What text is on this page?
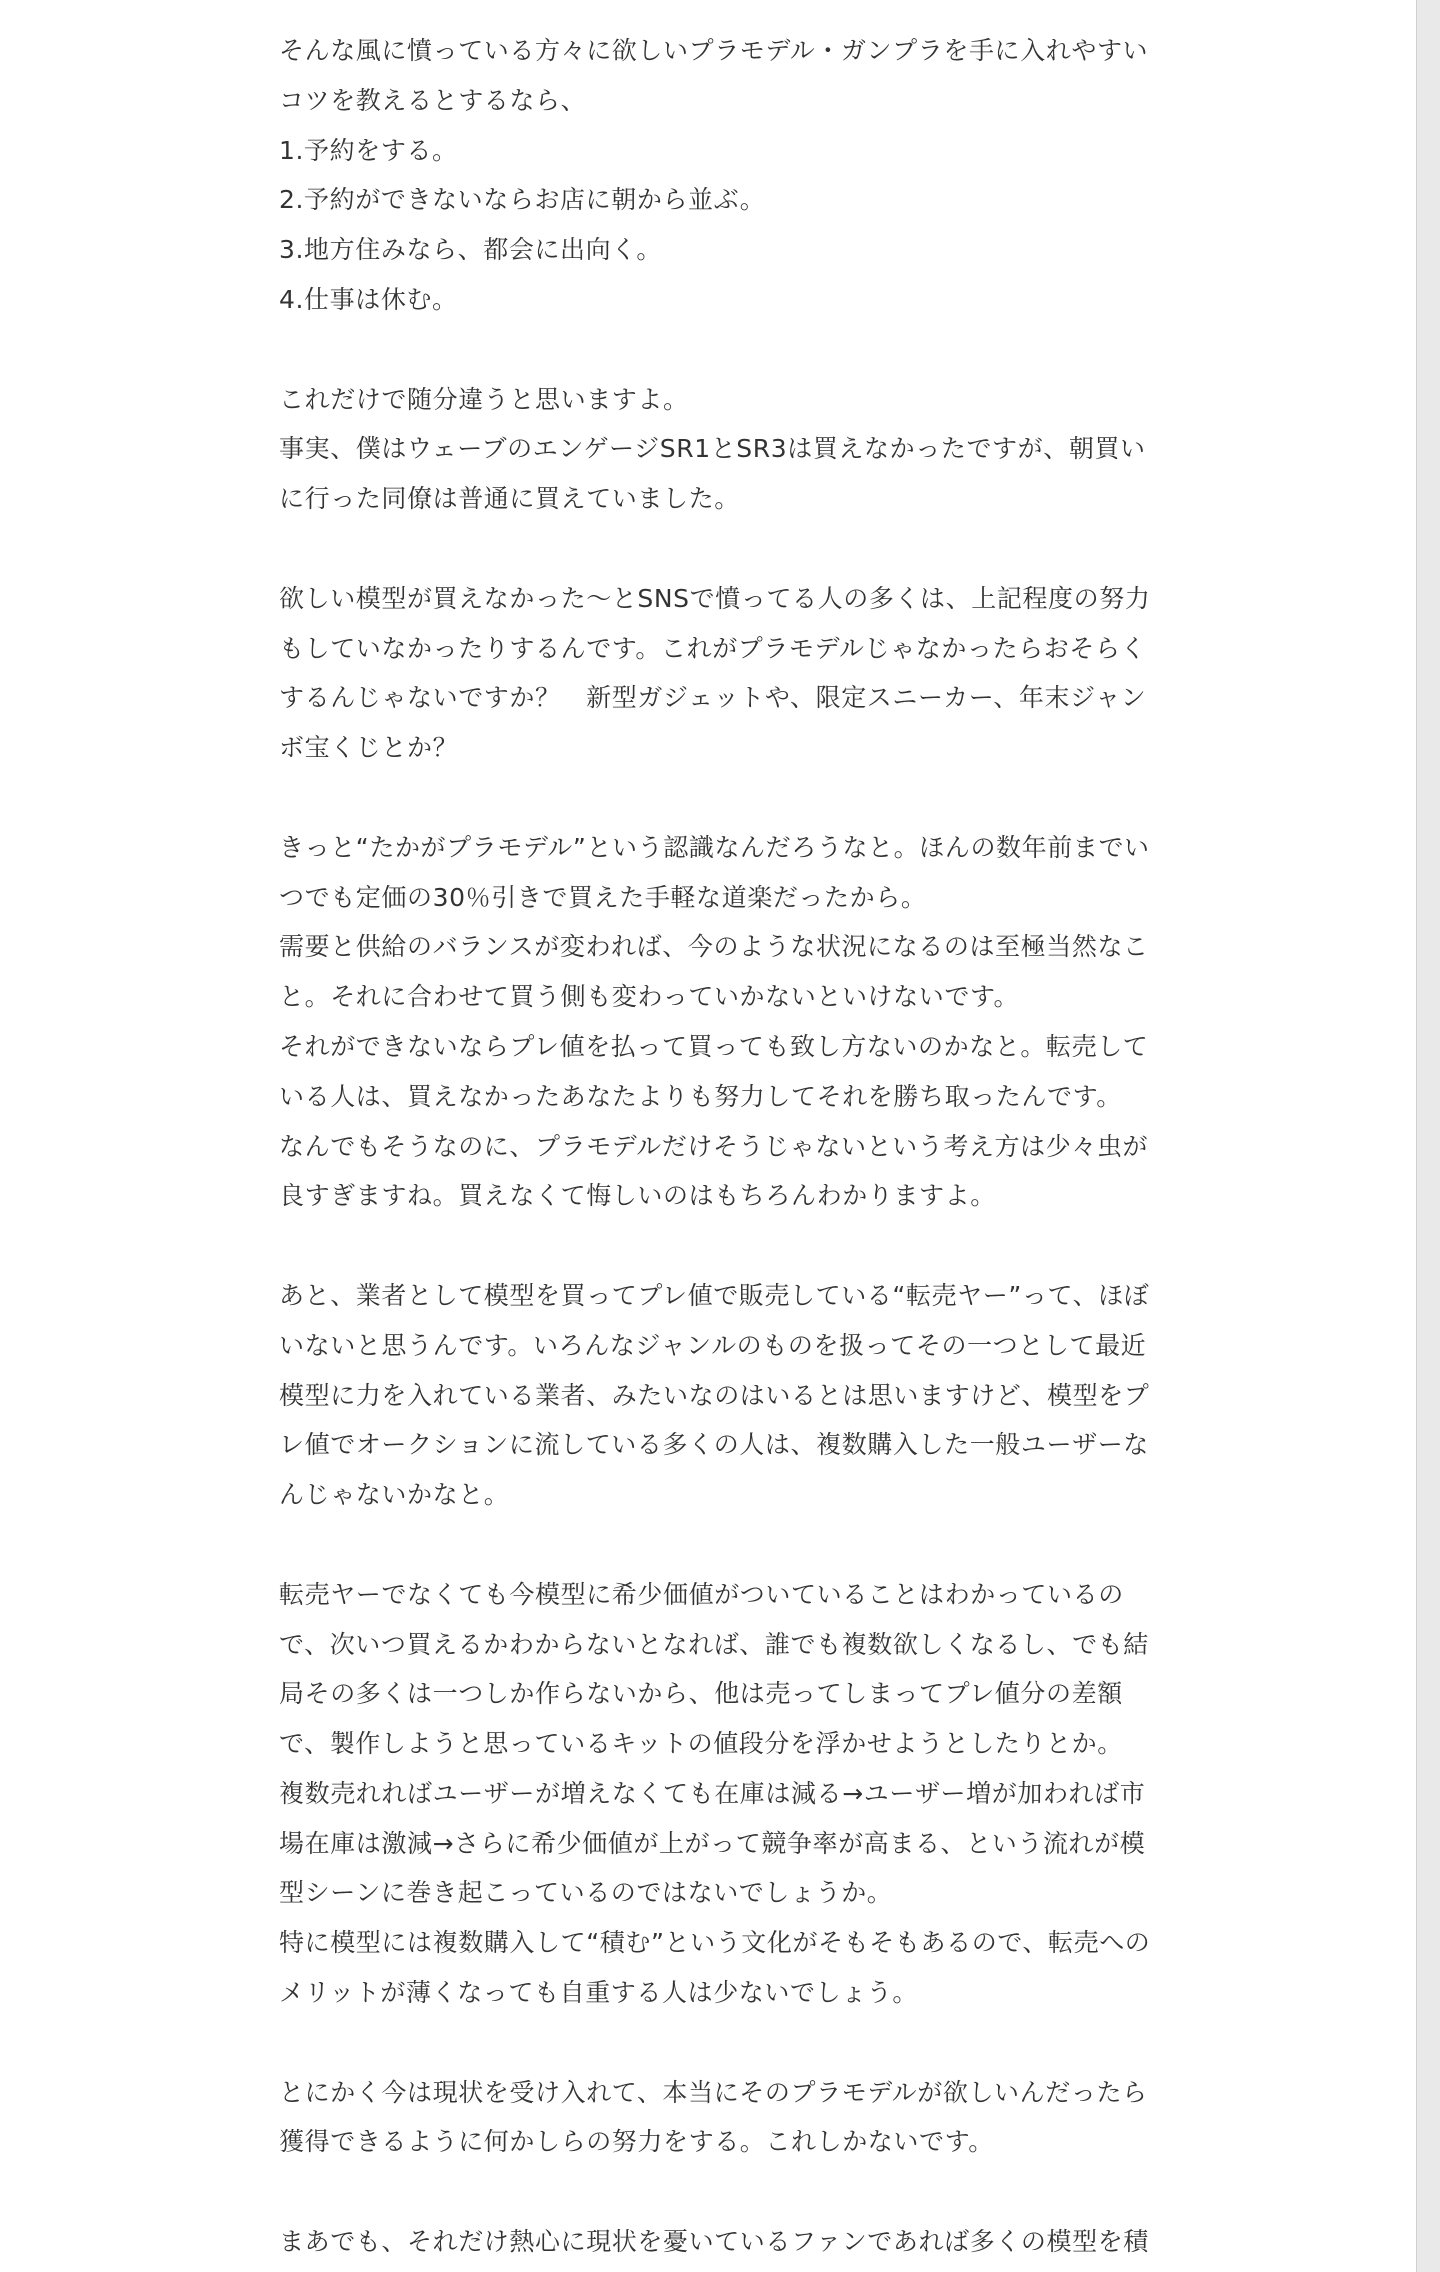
そんな風に憤っている方々に欲しいプラモデル・ガンプラを手に入れやすい
コツを教えるとするなら、
1.予約をする。
2.予約ができないならお店に朝から並ぶ。
3.地方住みなら、都会に出向く。
4.仕事は休む。
これだけで随分違うと思いますよ。
事実、僕はウェーブのエンゲージSR1とSR3は買えなかったですが、朝買い
に行った同僚は普通に買えていました。
欲しい模型が買えなかった〜とSNSで憤ってる人の多くは、上記程度の努力
もしていなかったりするんです。これがプラモデルじゃなかったらおそらく
するんじゃないですか？　新型ガジェットや、限定スニーカー、年末ジャン
ボ宝くじとか？
きっと“たかがプラモデル”という認識なんだろうなと。ほんの数年前までい
つでも定価の30％引きで買えた手軽な道楽だったから。
需要と供給のバランスが変われば、今のような状況になるのは至極当然なこ
と。それに合わせて買う側も変わっていかないといけないです。
それができないならプレ値を払って買っても致し方ないのかなと。転売して
いる人は、買えなかったあなたよりも努力してそれを勝ち取ったんです。
なんでもそうなのに、プラモデルだけそうじゃないという考え方は少々虫が
良すぎますね。買えなくて悔しいのはもちろんわかりますよ。
あと、業者として模型を買ってプレ値で販売している“転売ヤー”って、ほぼ
いないと思うんです。いろんなジャンルのものを扱ってその一つとして最近
模型に力を入れている業者、みたいなのはいるとは思いますけど、模型をプ
レ値でオークションに流している多くの人は、複数購入した一般ユーザーな
んじゃないかなと。
転売ヤーでなくても今模型に希少価値がついていることはわかっているの
で、次いつ買えるかわからないとなれば、誰でも複数欲しくなるし、でも結
局その多くは一つしか作らないから、他は売ってしまってプレ値分の差額
で、製作しようと思っているキットの値段分を浮かせようとしたりとか。
複数売れればユーザーが増えなくても在庫は減る→ユーザー増が加われば市
場在庫は激減→さらに希少価値が上がって競争率が高まる、という流れが模
型シーンに巻き起こっているのではないでしょうか。
特に模型には複数購入して“積む”という文化がそもそもあるので、転売への
メリットが薄くなっても自重する人は少ないでしょう。
とにかく今は現状を受け入れて、本当にそのプラモデルが欲しいんだったら
獲得できるように何かしらの努力をする。これしかないです。
まあでも、それだけ熱心に現状を憂いているファンであれば多くの模型を積
